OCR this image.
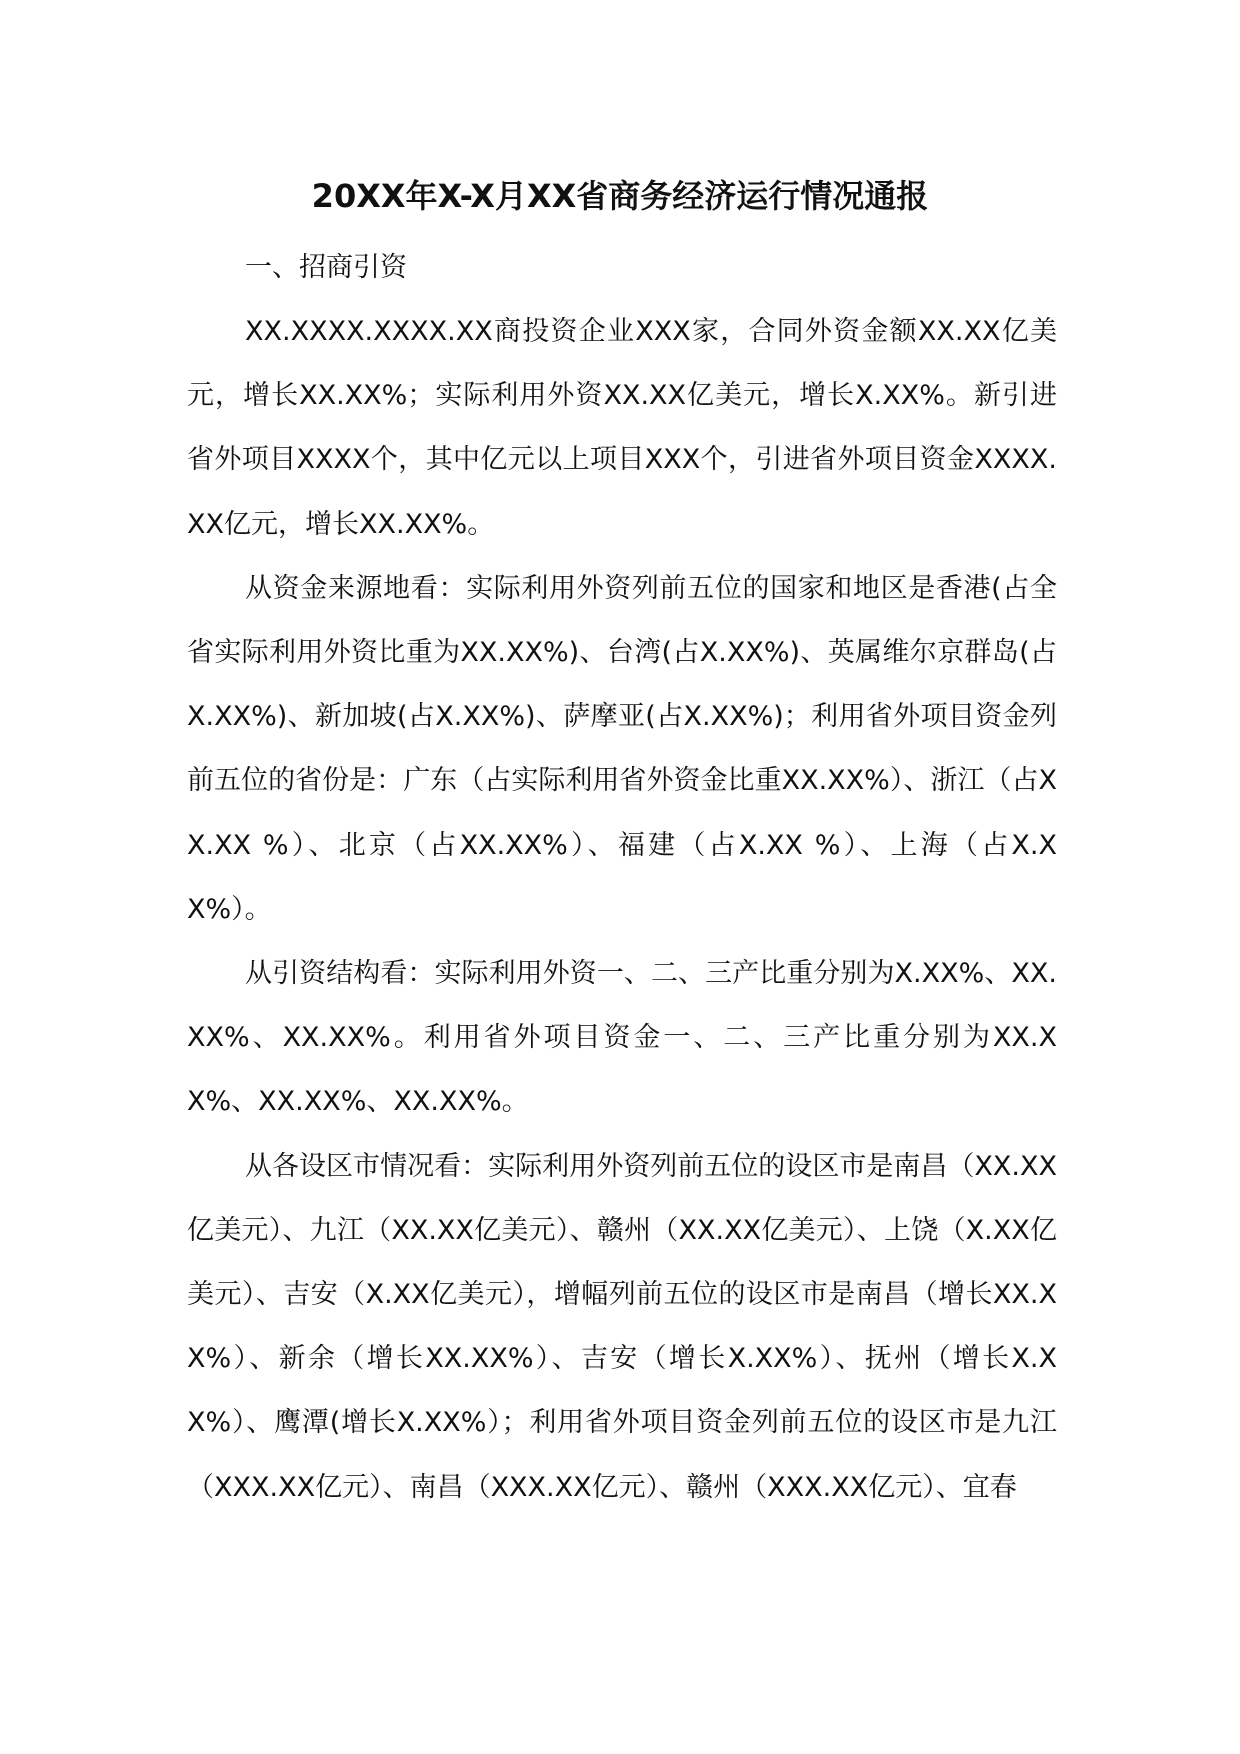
20XX年X-X月XX省商务经济运行情况通报

一、招商引资

XX.XXXX.XXXX.XX商投资企业XXX家，合同外资金额XX.XX亿美元，增长XX.XX%；实际利用外资XX.XX亿美元，增长X.XX%。新引进省外项目XXXX个，其中亿元以上项目XXX个，引进省外项目资金XXXX.XX亿元，增长XX.XX%。

从资金来源地看：实际利用外资列前五位的国家和地区是香港(占全省实际利用外资比重为XX.XX%)、台湾(占X.XX%)、英属维尔京群岛(占X.XX%)、新加坡(占X.XX%)、萨摩亚(占X.XX%)；利用省外项目资金列前五位的省份是：广东（占实际利用省外资金比重XX.XX%）、浙江（占XX.XX %）、北京（占XX.XX%）、福建（占X.XX %）、上海（占X.XX%）。

从引资结构看：实际利用外资一、二、三产比重分别为X.XX%、XX.XX%、XX.XX%。利用省外项目资金一、二、三产比重分别为XX.XX%、XX.XX%、XX.XX%。

从各设区市情况看：实际利用外资列前五位的设区市是南昌（XX.XX亿美元）、九江（XX.XX亿美元）、赣州（XX.XX亿美元）、上饶（X.XX亿美元）、吉安（X.XX亿美元），增幅列前五位的设区市是南昌（增长XX.XX%）、新余（增长XX.XX%）、吉安（增长X.XX%）、抚州（增长X.XX%）、鹰潭(增长X.XX%）；利用省外项目资金列前五位的设区市是九江（XXX.XX亿元）、南昌（XXX.XX亿元）、赣州（XXX.XX亿元）、宜春
